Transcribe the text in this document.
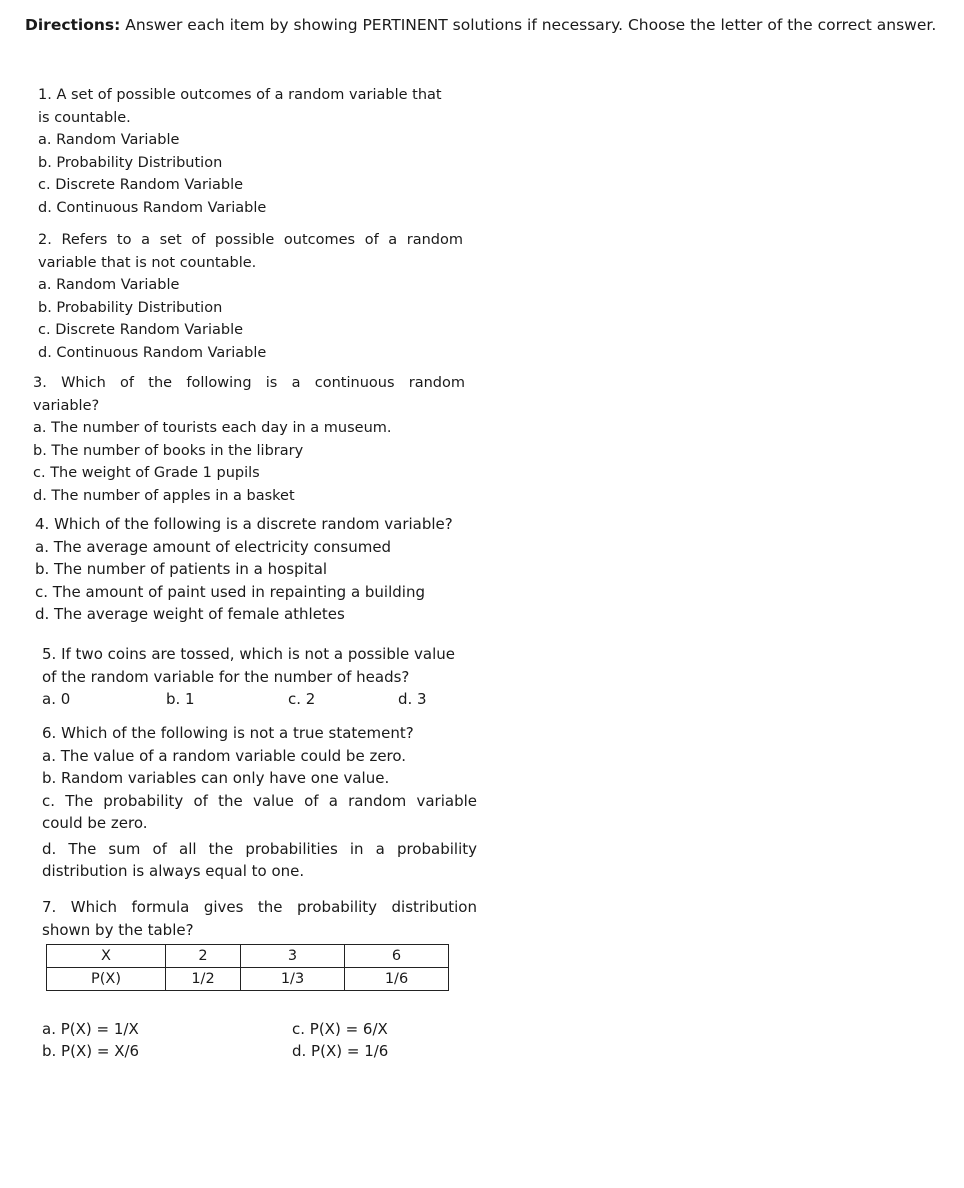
Directions: Answer each item by showing PERTINENT solutions if necessary. Choose the letter of the correct answer.
1. A set of possible outcomes of a random variable that
is countable.
a. Random Variable
b. Probability Distribution
c. Discrete Random Variable
d. Continuous Random Variable
2. Refers to a set of possible outcomes of a random
variable that is not countable.
a. Random Variable
b. Probability Distribution
c. Discrete Random Variable
d. Continuous Random Variable
3. Which of the following is a continuous random
variable?
a. The number of tourists each day in a museum.
b. The number of books in the library
c. The weight of Grade 1 pupils
d. The number of apples in a basket
4. Which of the following is a discrete random variable?
a. The average amount of electricity consumed
b. The number of patients in a hospital
c. The amount of paint used in repainting a building
d. The average weight of female athletes
5. If two coins are tossed, which is not a possible value
of the random variable for the number of heads?
a. 0	b. 1	c. 2	d. 3
6. Which of the following is not a true statement?
a. The value of a random variable could be zero.
b. Random variables can only have one value.
c. The probability of the value of a random variable
could be zero.
d. The sum of all the probabilities in a probability
distribution is always equal to one.
7. Which formula gives the probability distribution
shown by the table?
X	2	3	6
P(X)	1/2	1/3	1/6
a. P(X) = 1/X
b. P(X) = X/6
c. P(X) = 6/X
d. P(X) = 1/6
